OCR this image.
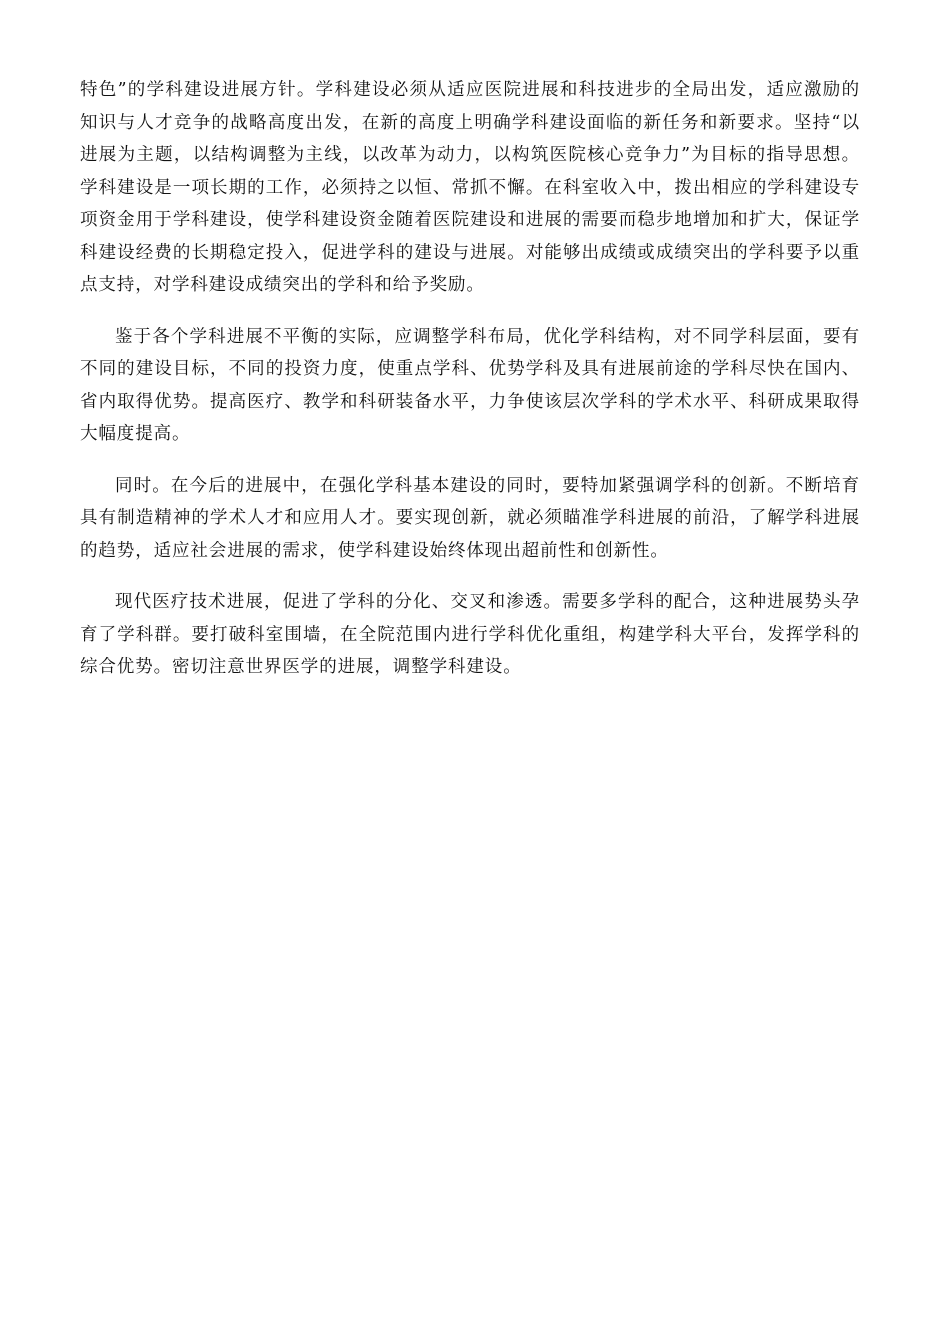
特色”的学科建设进展方针。学科建设必须从适应医院进展和科技进步的全局出发，适应激励的知识与人才竞争的战略高度出发，在新的高度上明确学科建设面临的新任务和新要求。坚持“以进展为主题，以结构调整为主线，以改革为动力，以构筑医院核心竞争力”为目标的指导思想。学科建设是一项长期的工作，必须持之以恒、常抓不懈。在科室收入中，拨出相应的学科建设专项资金用于学科建设，使学科建设资金随着医院建设和进展的需要而稳步地增加和扩大，保证学科建设经费的长期稳定投入，促进学科的建设与进展。对能够出成绩或成绩突出的学科要予以重点支持，对学科建设成绩突出的学科和给予奖励。

鉴于各个学科进展不平衡的实际，应调整学科布局，优化学科结构，对不同学科层面，要有不同的建设目标，不同的投资力度，使重点学科、优势学科及具有进展前途的学科尽快在国内、省内取得优势。提高医疗、教学和科研装备水平，力争使该层次学科的学术水平、科研成果取得大幅度提高。

同时。在今后的进展中，在强化学科基本建设的同时，要特加紧强调学科的创新。不断培育具有制造精神的学术人才和应用人才。要实现创新，就必须瞄准学科进展的前沿，了解学科进展的趋势，适应社会进展的需求，使学科建设始终体现出超前性和创新性。

现代医疗技术进展，促进了学科的分化、交叉和渗透。需要多学科的配合，这种进展势头孕育了学科群。要打破科室围墙，在全院范围内进行学科优化重组，构建学科大平台，发挥学科的综合优势。密切注意世界医学的进展，调整学科建设。
